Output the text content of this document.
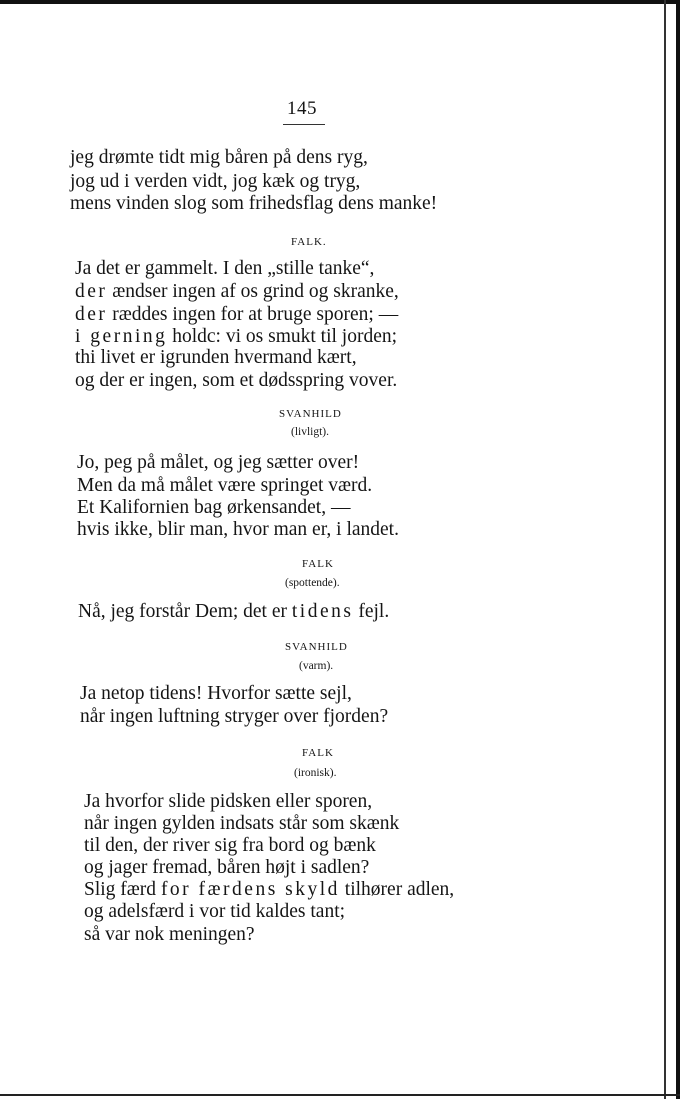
145
jeg drømte tidt mig båren på dens ryg,
jog ud i verden vidt, jog kæk og tryg,
mens vinden slog som frihedsflag dens manke!
FALK.
Ja det er gammelt. I den „stille tanke“,
der ændser ingen af os grind og skranke,
der ræddes ingen for at bruge sporen; —
i gerning holdc: vi os smukt til jorden;
thi livet er igrunden hvermand kært,
og der er ingen, som et dødsspring vover.
SVANHILD
(livligt).
Jo, peg på målet, og jeg sætter over!
Men da må målet være springet værd.
Et Kalifornien bag ørkensandet, —
hvis ikke, blir man, hvor man er, i landet.
FALK
(spottende).
Nå, jeg forstår Dem; det er tidens fejl.
SVANHILD
(varm).
Ja netop tidens! Hvorfor sætte sejl,
når ingen luftning stryger over fjorden?
FALK
(ironisk).
Ja hvorfor slide pidsken eller sporen,
når ingen gylden indsats står som skænk
til den, der river sig fra bord og bænk
og jager fremad, båren højt i sadlen?
Slig færd for færdens skyld tilhører adlen,
og adelsfærd i vor tid kaldes tant;
så var nok meningen?
